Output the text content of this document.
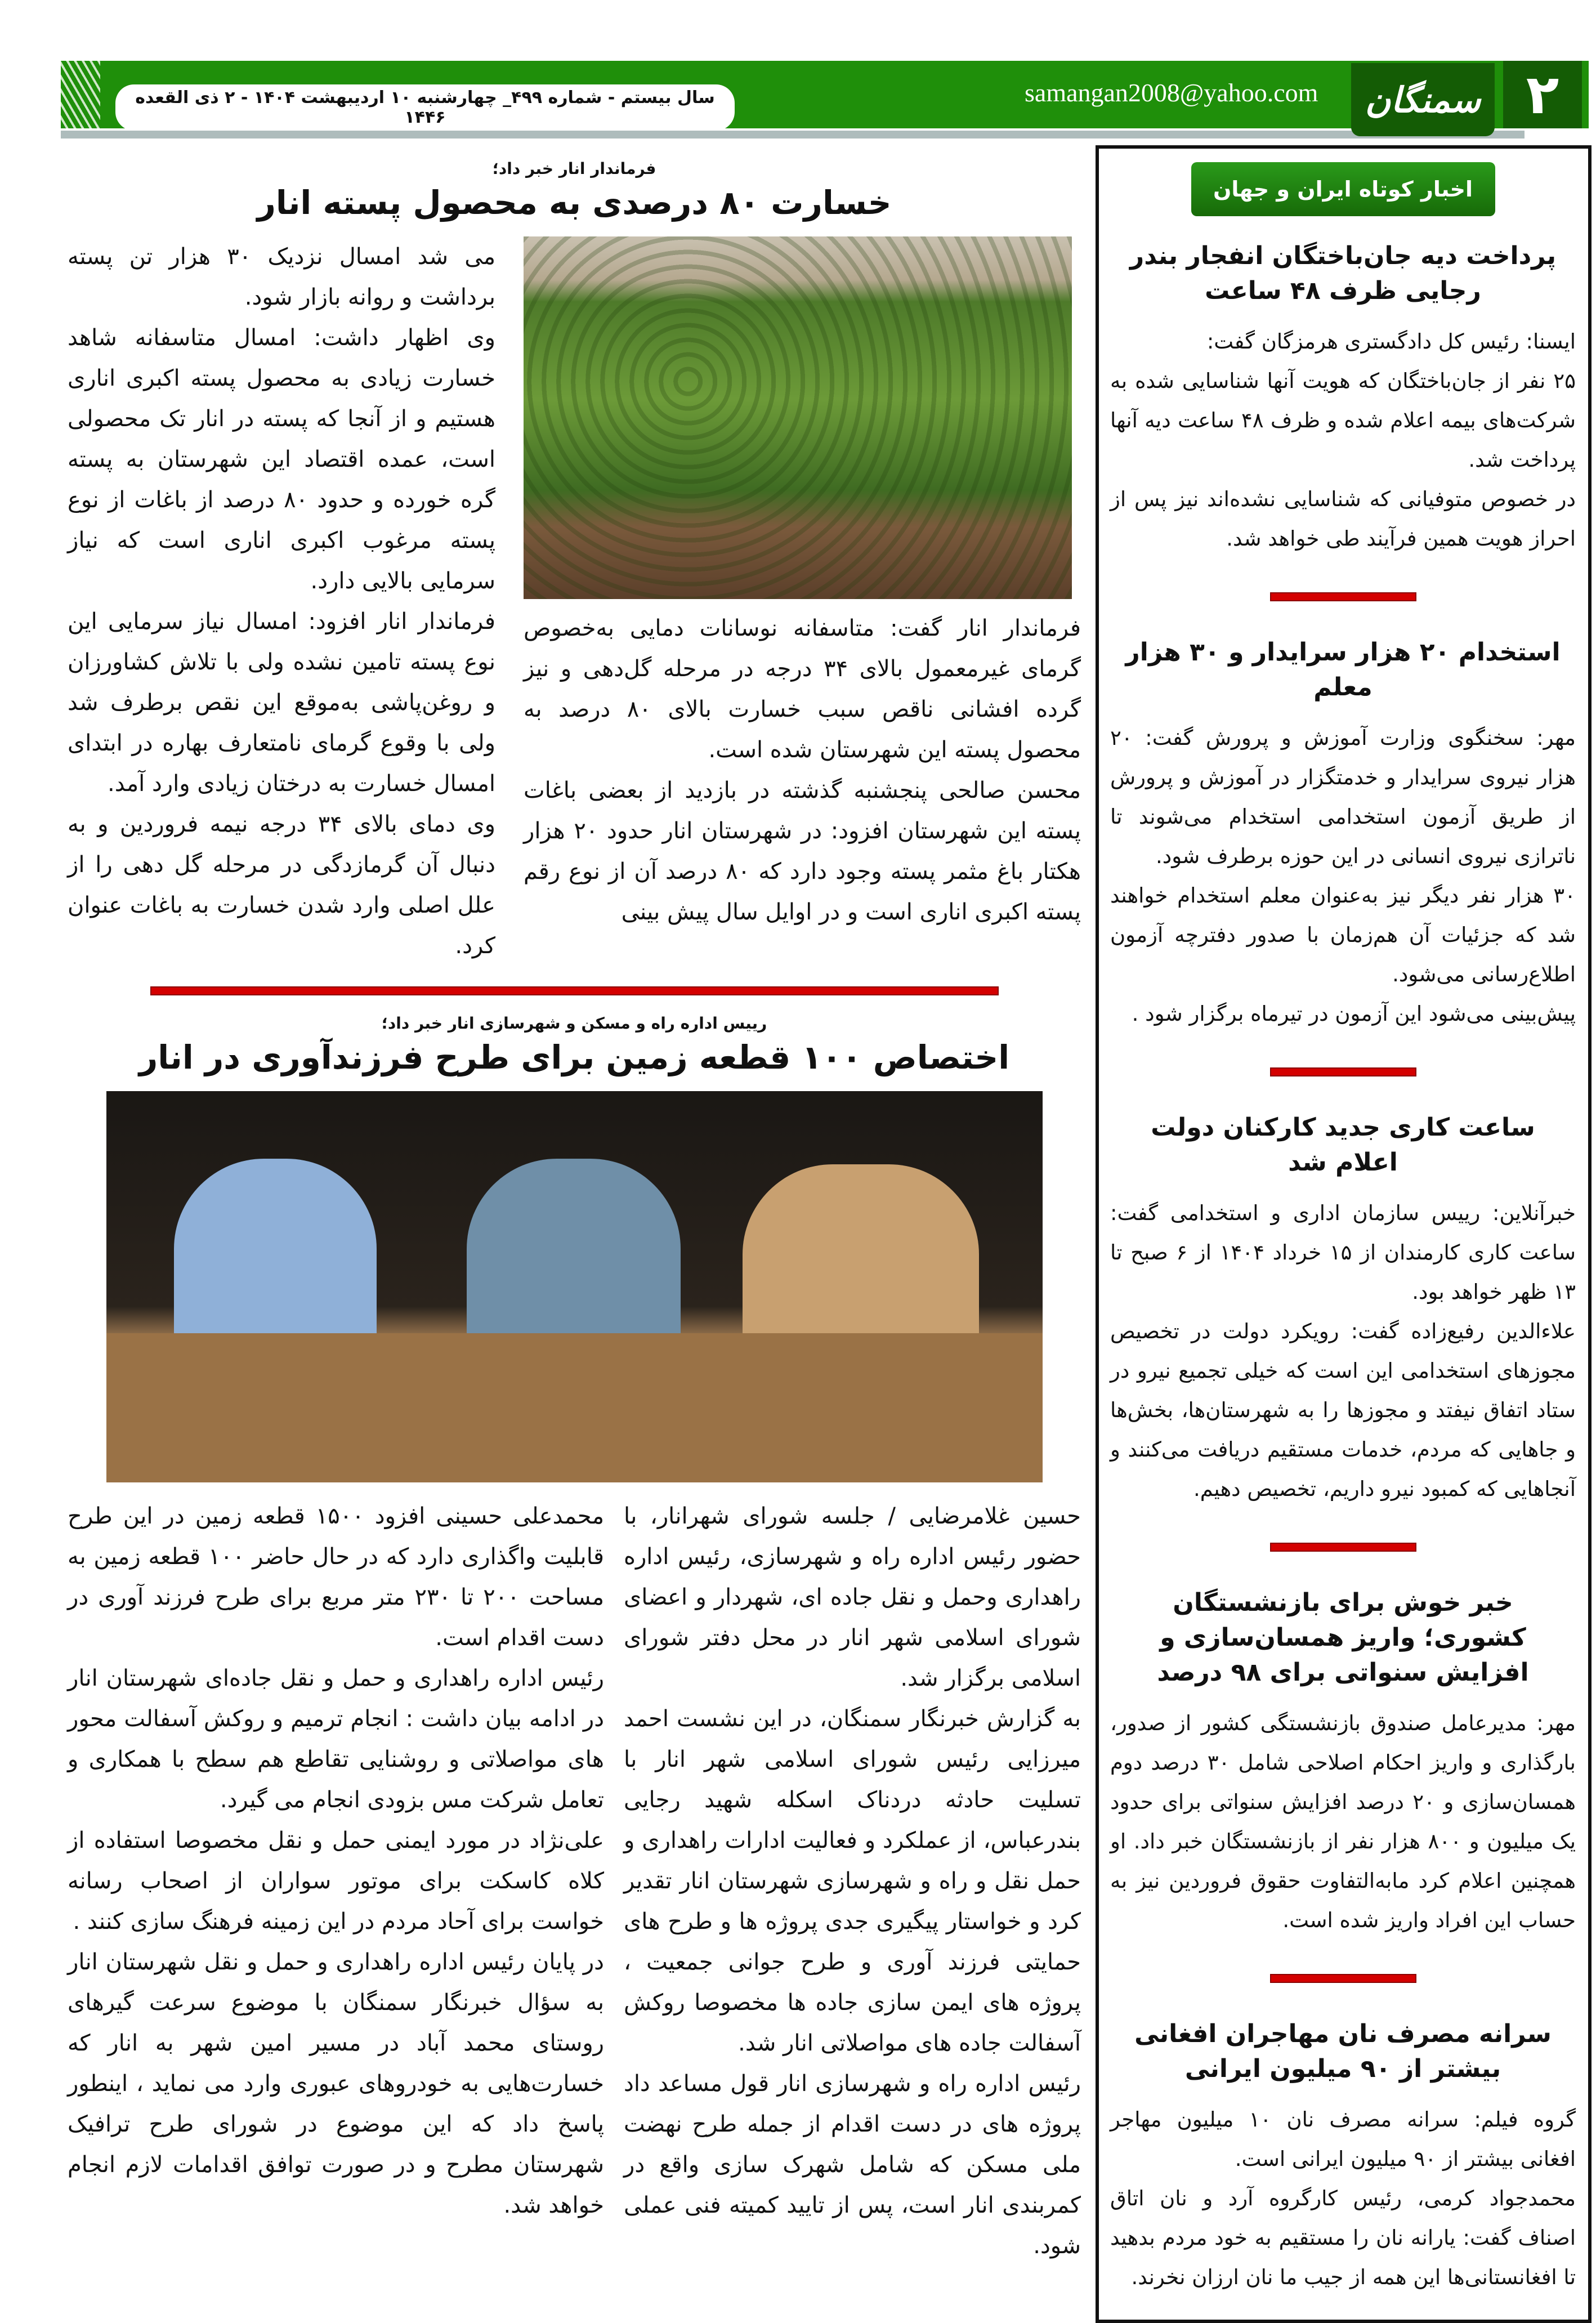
سال بیستم - شماره ۴۹۹_ چهارشنبه ۱۰ اردیبهشت ۱۴۰۴ - ۲ ذی القعده ۱۴۴۶
samangan2008@yahoo.com	سمنگان ۲
اخبار کوتاه ایران و جهان
پرداخت دیه جان‌باختگان انفجار بندر رجایی ظرف ۴۸ ساعت

ایسنا: رئیس کل دادگستری هرمزگان گفت:

۲۵ نفر از جان‌باختگان که هویت آنها شناسایی شده به شرکت‌های بیمه اعلام شده و ظرف ۴۸ ساعت دیه آنها پرداخت شد.

در خصوص متوفیانی که شناسایی نشده‌اند نیز پس از احراز هویت همین فرآیند طی خواهد شد.

استخدام ۲۰ هزار سرایدار و ۳۰ هزار معلم

مهر: سخنگوی وزارت آموزش و پرورش گفت: ۲۰ هزار نیروی سرایدار و خدمتگزار در آموزش و پرورش از طریق آزمون استخدامی استخدام می‌شوند تا ناترازی نیروی انسانی در این حوزه برطرف شود.

۳۰ هزار نفر دیگر نیز به‌عنوان معلم استخدام خواهند شد که جزئیات آن هم‌زمان با صدور دفترچه آزمون اطلاع‌رسانی می‌شود.

پیش‌بینی می‌شود این آزمون در تیرماه برگزار شود .

ساعت کاری جدید کارکنان دولت اعلام شد

خبرآنلاین: رییس سازمان اداری و استخدامی گفت: ساعت کاری کارمندان از ۱۵ خرداد ۱۴۰۴ از ۶ صبح تا ۱۳ ظهر خواهد بود.

علاءالدین رفیع‌زاده گفت: رویکرد دولت در تخصیص مجوزهای استخدامی این است که خیلی تجمیع نیرو در ستاد اتفاق نیفتد و مجوزها را به شهرستان‌ها، بخش‌ها و جاهایی که مردم، خدمات مستقیم دریافت می‌کنند و آنجاهایی که کمبود نیرو داریم، تخصیص دهیم.

خبر خوش برای بازنشستگان کشوری؛ واریز همسان‌سازی و افزایش سنواتی برای ۹۸ درصد

مهر: مدیرعامل صندوق بازنشستگی کشور از صدور، بارگذاری و واریز احکام اصلاحی شامل ۳۰ درصد دوم همسان‌سازی و ۲۰ درصد افزایش سنواتی برای حدود یک میلیون و ۸۰۰ هزار نفر از بازنشستگان خبر داد. او همچنین اعلام کرد مابه‌التفاوت حقوق فروردین نیز به حساب این افراد واریز شده است.

سرانه مصرف نان مهاجران افغانی بیشتر از ۹۰ میلیون ایرانی

گروه فیلم: سرانه مصرف نان ۱۰ میلیون مهاجر افغانی بیشتر از ۹۰ میلیون ایرانی است.

محمدجواد کرمی، رئیس کارگروه آرد و نان اتاق اصناف گفت: یارانه نان را مستقیم به خود مردم بدهید تا افغانستانی‌ها این همه از جیب ما نان ارزان نخرند.

فرماندار انار خبر داد؛
خسارت ۸۰ درصدی به محصول پسته انار

فرماندار انار گفت: متاسفانه نوسانات دمایی به‌خصوص گرمای غیرمعمول بالای ۳۴ درجه در مرحله گل‌دهی و نیز گرده افشانی ناقص سبب خسارت بالای ۸۰ درصد به محصول پسته این شهرستان شده است.

محسن صالحی پنجشنبه گذشته در بازدید از بعضی باغات پسته این شهرستان افزود: در شهرستان انار حدود ۲۰ هزار هکتار باغ مثمر پسته وجود دارد که ۸۰ درصد آن از نوع رقم پسته اکبری اناری است و در اوایل سال پیش بینی

می شد امسال نزدیک ۳۰ هزار تن پسته برداشت و روانه بازار شود.

وی اظهار داشت: امسال متاسفانه شاهد خسارت زیادی به محصول پسته اکبری اناری هستیم و از آنجا که پسته در انار تک محصولی است، عمده اقتصاد این شهرستان به پسته گره خورده و حدود ۸۰ درصد از باغات از نوع پسته مرغوب اکبری اناری است که نیاز سرمایی بالایی دارد.

فرماندار انار افزود: امسال نیاز سرمایی این نوع پسته تامین نشده ولی با تلاش کشاورزان و روغن‌پاشی به‌موقع این نقص برطرف شد ولی با وقوع گرمای نامتعارف بهاره در ابتدای امسال خسارت به درختان زیادی وارد آمد.

وی دمای بالای ۳۴ درجه نیمه فروردین و به دنبال آن گرمازدگی در مرحله گل دهی را از علل اصلی وارد شدن خسارت به باغات عنوان کرد.

رییس اداره راه و مسکن و شهرسازی انار خبر داد؛
اختصاص ۱۰۰ قطعه زمین برای طرح فرزندآوری در انار

حسین غلامرضایی / جلسه شورای شهرانار، با حضور رئیس اداره راه و شهرسازی، رئیس اداره راهداری وحمل و نقل جاده ای، شهردار و اعضای شورای اسلامی شهر انار در محل دفتر شورای اسلامی برگزار شد.

به گزارش خبرنگار سمنگان، در این نشست احمد میرزایی رئیس شورای اسلامی شهر انار با تسلیت حادثه دردناک اسکله شهید رجایی بندرعباس، از عملکرد و فعالیت ادارات راهداری و حمل نقل و راه و شهرسازی شهرستان انار تقدیر کرد و خواستار پیگیری جدی پروژه ها و طرح های حمایتی فرزند آوری و طرح جوانی جمعیت ، پروژه های ایمن سازی جاده ها مخصوصا روکش آسفالت جاده های مواصلاتی انار شد.

رئیس اداره راه و شهرسازی انار قول مساعد داد پروژه های در دست اقدام از جمله طرح نهضت ملی مسکن که شامل شهرک سازی واقع در کمربندی انار است، پس از تایید کمیته فنی عملی شود.

محمدعلی حسینی افزود ۱۵۰۰ قطعه زمین در این طرح قابلیت واگذاری دارد که در حال حاضر ۱۰۰ قطعه زمین به مساحت ۲۰۰ تا ۲۳۰ متر مربع برای طرح فرزند آوری در دست اقدام است.

رئیس اداره راهداری و حمل و نقل جاده‌ای شهرستان انار در ادامه بیان داشت : انجام ترمیم و روکش آسفالت محور های مواصلاتی و روشنایی تقاطع هم سطح با همکاری و تعامل شرکت مس بزودی انجام می گیرد.

علی‌نژاد در مورد ایمنی حمل و نقل مخصوصا استفاده از کلاه کاسکت برای موتور سواران از اصحاب رسانه خواست برای آحاد مردم در این زمینه فرهنگ سازی کنند .

در پایان رئیس اداره راهداری و حمل و نقل شهرستان انار به سؤال خبرنگار سمنگان با موضوع سرعت گیرهای روستای محمد آباد در مسیر امین شهر به انار که خسارت‌هایی به خودروهای عبوری وارد می نماید ، اینطور پاسخ داد که این موضوع در شورای طرح ترافیک شهرستان مطرح و در صورت توافق اقدامات لازم انجام خواهد شد.
